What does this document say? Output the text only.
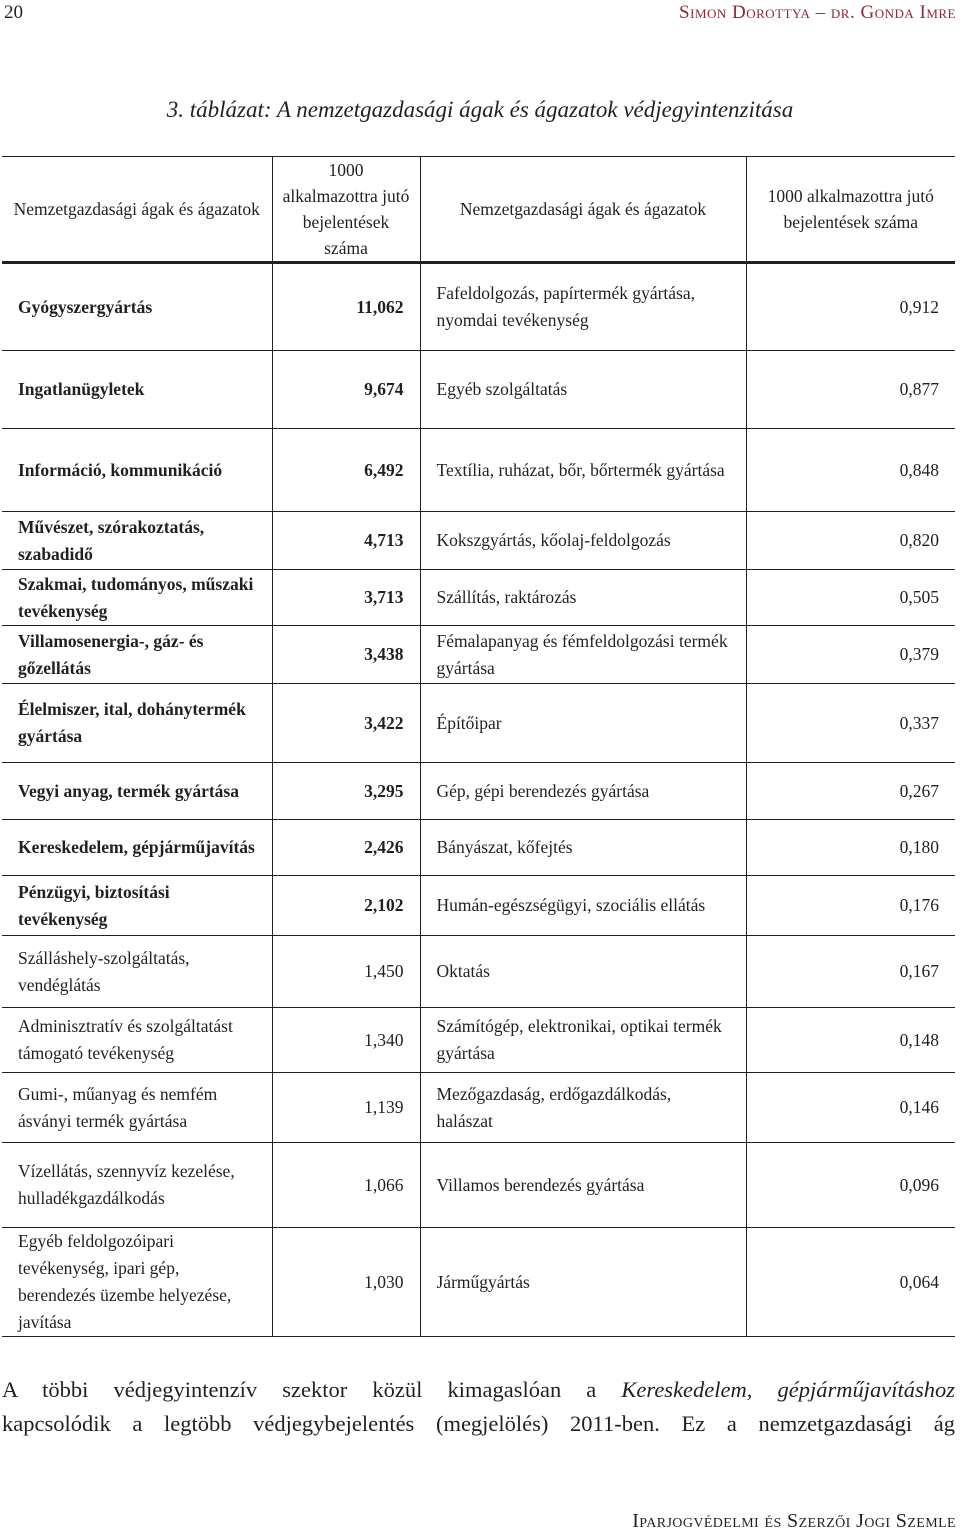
20	Simon Dorottya – dr. Gonda Imre
3. táblázat: A nemzetgazdasági ágak és ágazatok védjegyintenzitása
Nemzetgazdasági ágak és ágazatok	1000 alkalmazottra jutó bejelentések száma	Nemzetgazdasági ágak és ágazatok	1000 alkalmazottra jutó bejelentések száma
Gyógyszergyártás	11,062	Fafeldolgozás, papírtermék gyártása, nyomdai tevékenység	0,912
Ingatlanügyletek	9,674	Egyéb szolgáltatás	0,877
Információ, kommunikáció	6,492	Textília, ruházat, bőr, bőrtermék gyártása	0,848
Művészet, szórakoztatás, szabadidő	4,713	Kokszgyártás, kőolaj-feldolgozás	0,820
Szakmai, tudományos, műszaki tevékenység	3,713	Szállítás, raktározás	0,505
Villamosenergia-, gáz- és gőzellátás	3,438	Fémalapanyag és fémfeldolgozási termék gyártása	0,379
Élelmiszer, ital, dohánytermék gyártása	3,422	Építőipar	0,337
Vegyi anyag, termék gyártása	3,295	Gép, gépi berendezés gyártása	0,267
Kereskedelem, gépjárműjavítás	2,426	Bányászat, kőfejtés	0,180
Pénzügyi, biztosítási tevékenység	2,102	Humán-egészségügyi, szociális ellátás	0,176
Szálláshely-szolgáltatás, vendéglátás	1,450	Oktatás	0,167
Adminisztratív és szolgáltatást támogató tevékenység	1,340	Számítógép, elektronikai, optikai termék gyártása	0,148
Gumi-, műanyag és nemfém ásványi termék gyártása	1,139	Mezőgazdaság, erdőgazdálkodás, halászat	0,146
Vízellátás, szennyvíz kezelése, hulladékgazdálkodás	1,066	Villamos berendezés gyártása	0,096
Egyéb feldolgozóipari tevékenység, ipari gép, berendezés üzembe helyezése, javítása	1,030	Járműgyártás	0,064
A többi védjegyintenzív szektor közül kimagaslóan a Kereskedelem, gépjárműjavításhoz
kapcsolódik a legtöbb védjegybejelentés (megjelölés) 2011-ben. Ez a nemzetgazdasági ág
Iparjogvédelmi és Szerzői Jogi Szemle
